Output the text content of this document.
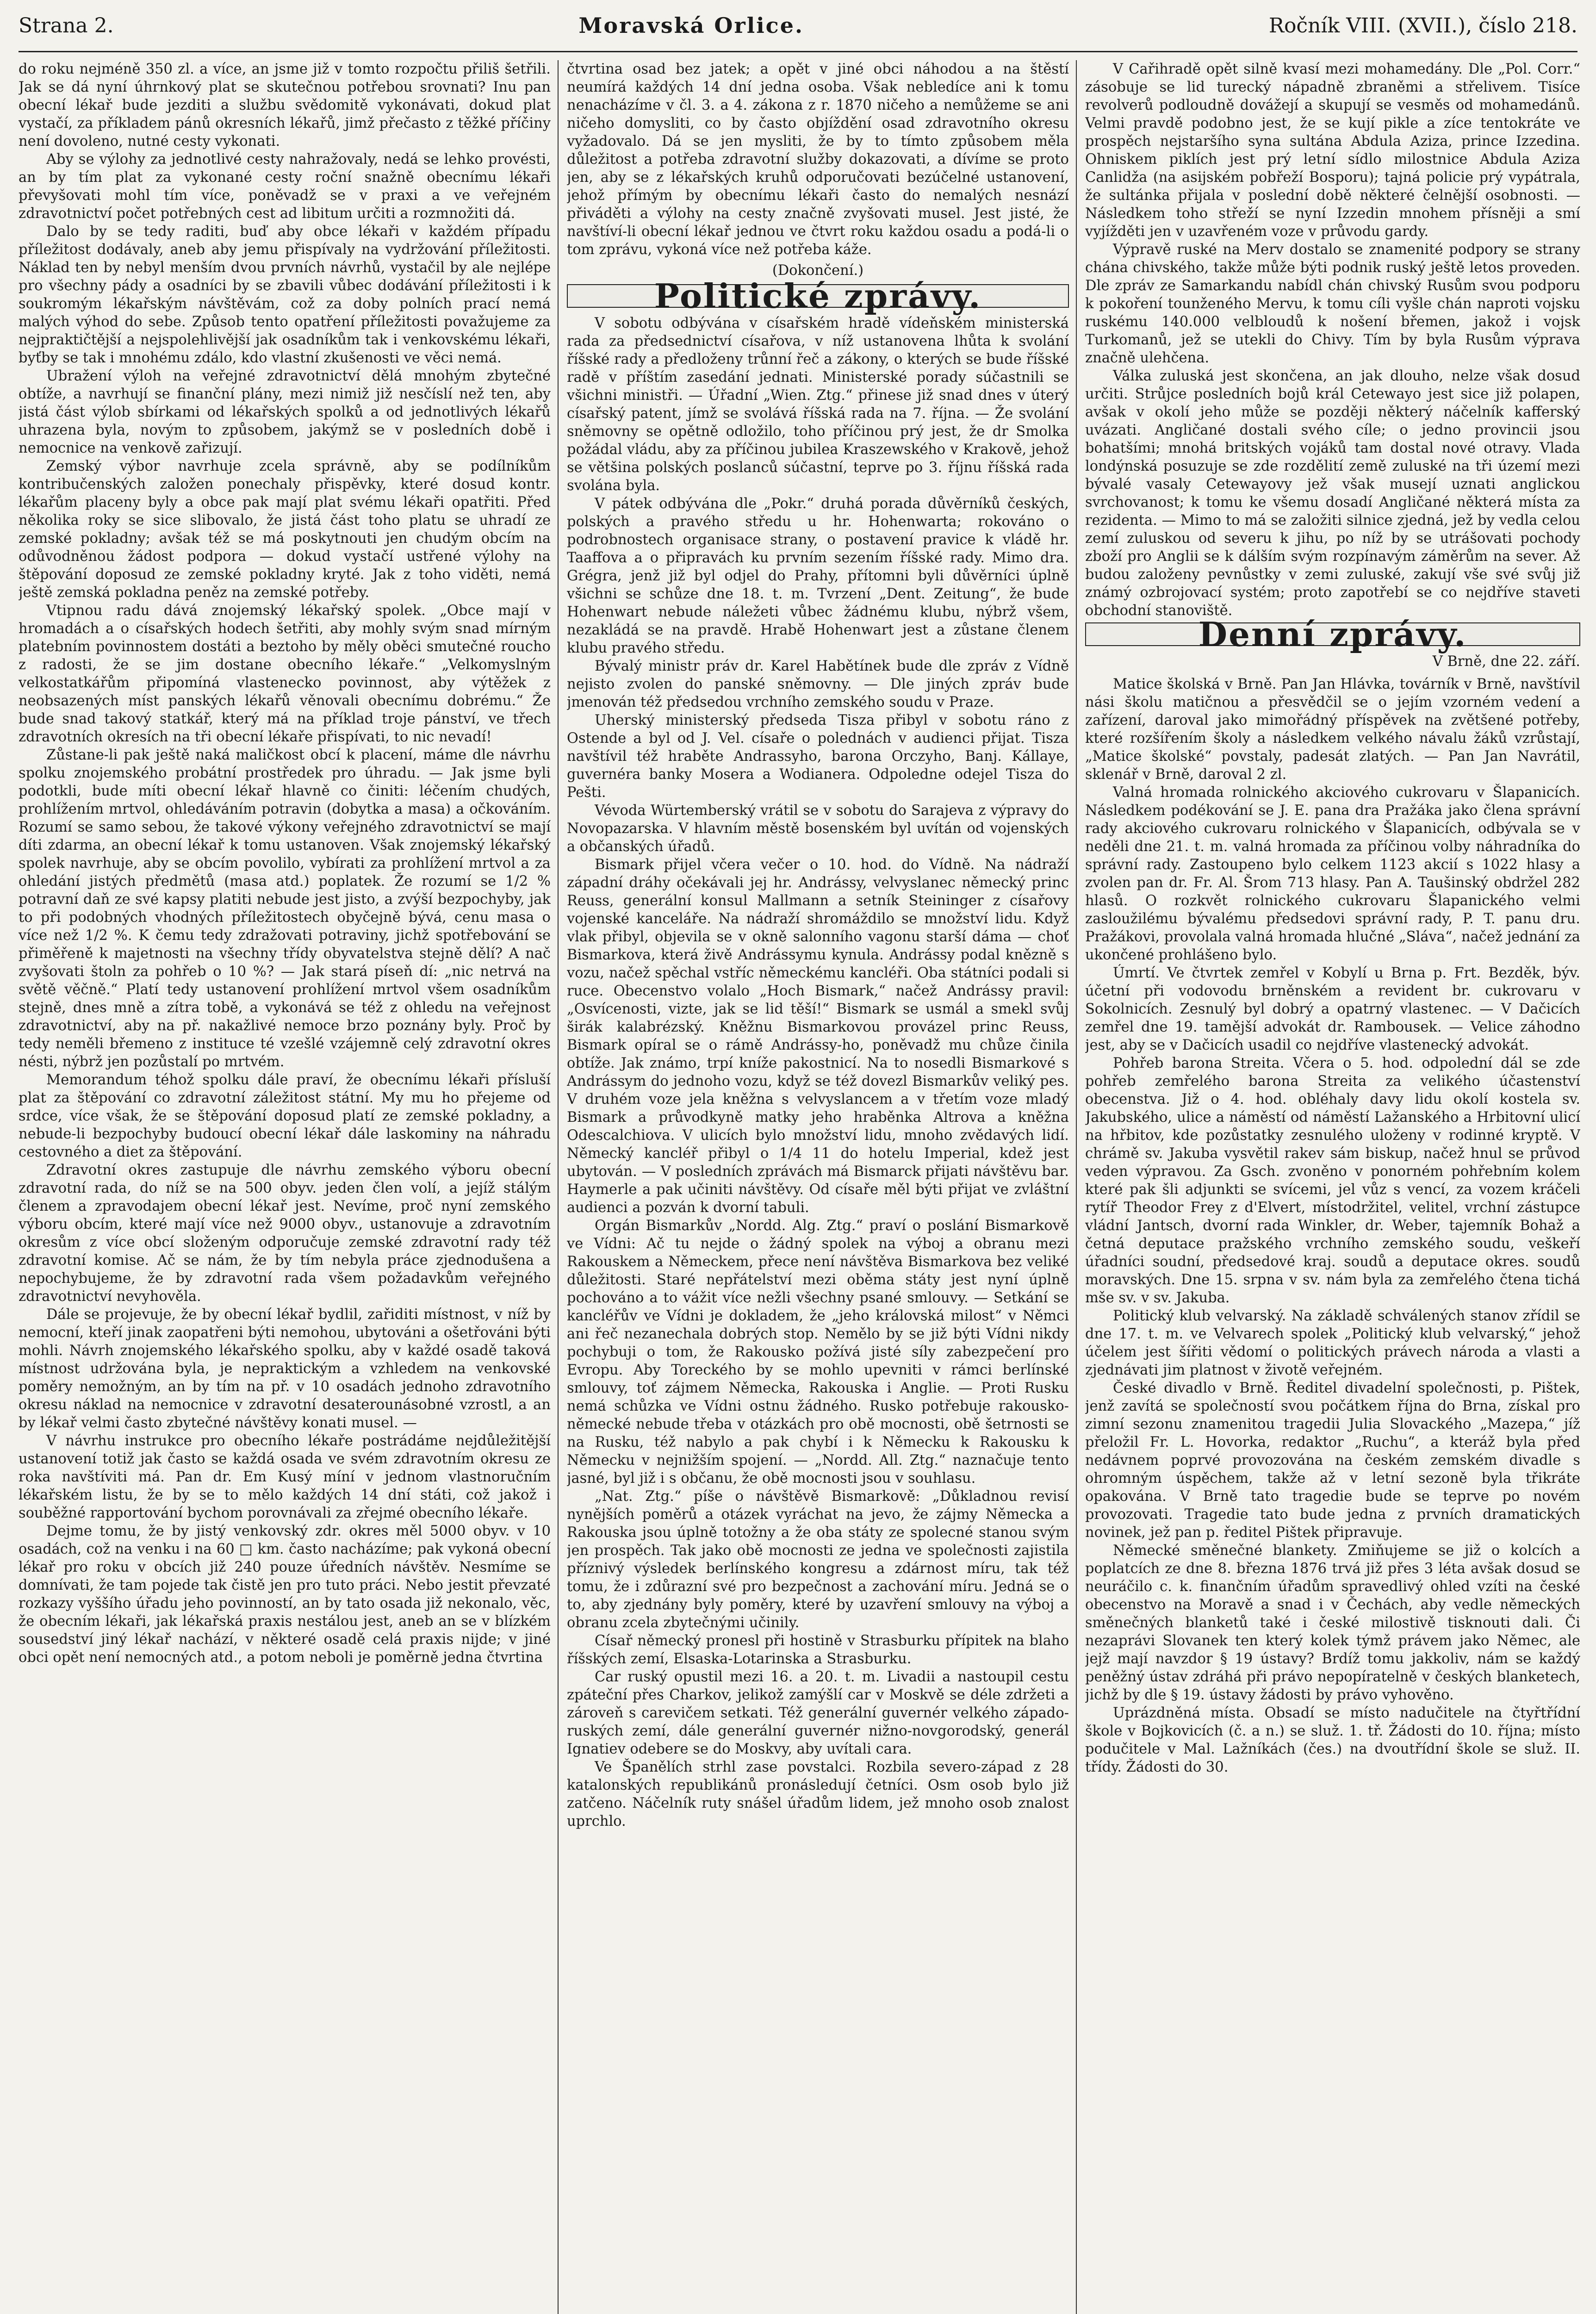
Strana 2.	Moravská Orlice.	Ročník VIII. (XVII.), číslo 218.

do roku nejméně 350 zl. a více, an jsme již v tomto rozpočtu přiliš šetřili. Jak se dá nyní úhrnkový plat se skutečnou potřebou srovnati? Inu pan obecní lékař bude jezditi a službu svědomitě vykonávati, dokud plat vystačí, za příkladem pánů okresních lékařů, jimž přečasto z těžké příčiny není dovoleno, nutné cesty vykonati.

Aby se výlohy za jednotlivé cesty nahražovaly, nedá se lehko provésti, an by tím plat za vykonané cesty roční snažně obecnímu lékaři převyšovati mohl tím více, poněvadž se v praxi a ve veřejném zdravotnictví počet potřebných cest ad libitum určiti a rozmnožiti dá.

Dalo by se tedy raditi, buď aby obce lékaři v každém případu příležitost dodávaly, aneb aby jemu přispívaly na vydržování příležitosti. Náklad ten by nebyl menším dvou prvních návrhů, vystačil by ale nejlépe pro všechny pády a osadníci by se zbavili vůbec dodávání příležitosti i k soukromým lékařským návštěvám, což za doby polních prací nemá malých výhod do sebe. Způsob tento opatření příležitosti považujeme za nejpraktičtější a nejspolehlivější jak osadníkům tak i venkovskému lékaři, byťby se tak i mnohému zdálo, kdo vlastní zkušenosti ve věci nemá.

Ubražení výloh na veřejné zdravotnictví dělá mnohým zbytečné obtíže, a navrhují se finanční plány, mezi nimiž již nesčíslí než ten, aby jistá část výlob sbírkami od lékařských spolků a od jednotlivých lékařů uhrazena byla, novým to způsobem, jakýmž se v posledních době i nemocnice na venkově zařizují.

Zemský výbor navrhuje zcela správně, aby se podílníkům kontribučenských založen ponechaly přispěvky, které dosud kontr. lékařům placeny byly a obce pak mají plat svému lékaři opatřiti. Před několika roky se sice slibovalo, že jistá část toho platu se uhradí ze zemské pokladny; avšak též se má poskytnouti jen chudým obcím na odůvodněnou žádost podpora — dokud vystačí ustřené výlohy na štěpování doposud ze zemské pokladny kryté. Jak z toho viděti, nemá ještě zemská pokladna peněz na zemské potřeby.

Vtipnou radu dává znojemský lékařský spolek. „Obce mají v hromadách a o císařských hodech šetřiti, aby mohly svým snad mírným platebním povinnostem dostáti a beztoho by měly oběci smutečné roucho z radosti, že se jim dostane obecního lékaře.“ „Velkomyslným velkostatkářům připomíná vlastenecko povinnost, aby výtěžek z neobsazených míst panských lékařů věnovali obecnímu dobrému.“ Že bude snad takový statkář, který má na příklad troje pánství, ve třech zdravotních okresích na tři obecní lékaře přispívati, to nic nevadí!

Zůstane-li pak ještě naká maličkost obcí k placení, máme dle návrhu spolku znojemského probátní prostředek pro úhradu. — Jak jsme byli podotkli, bude míti obecní lékař hlavně co činiti: léčením chudých, prohlížením mrtvol, ohledáváním potravin (dobytka a masa) a očkováním. Rozumí se samo sebou, že takové výkony veřejného zdravotnictví se mají díti zdarma, an obecní lékař k tomu ustanoven. Však znojemský lékařský spolek navrhuje, aby se obcím povolilo, vybírati za prohlížení mrtvol a za ohledání jistých předmětů (masa atd.) poplatek. Že rozumí se 1/2 % potravní daň ze své kapsy platiti nebude jest jisto, a zvýší bezpochyby, jak to při podobných vhodných příležitostech obyčejně bývá, cenu masa o více než 1/2 %. K čemu tedy zdražovati potraviny, jichž spotřebování se přiměřeně k majetnosti na všechny třídy obyvatelstva stejně dělí? A nač zvyšovati štoln za pohřeb o 10 %? — Jak stará píseň dí: „nic netrvá na světě věčně.“ Platí tedy ustanovení prohlížení mrtvol všem osadníkům stejně, dnes mně a zítra tobě, a vykonává se též z ohledu na veřejnost zdravotnictví, aby na př. nakažlivé nemoce brzo poznány byly. Proč by tedy neměli břemeno z instituce té vzešlé vzájemně celý zdravotní okres nésti, nýbrž jen pozůstalí po mrtvém.

Memorandum téhož spolku dále praví, že obecnímu lékaři přísluší plat za štěpování co zdravotní záležitost státní. My mu ho přejeme od srdce, více však, že se štěpování doposud platí ze zemské pokladny, a nebude-li bezpochyby budoucí obecní lékař dále laskominy na náhradu cestovného a diet za štěpování.

Zdravotní okres zastupuje dle návrhu zemského výboru obecní zdravotní rada, do níž se na 500 obyv. jeden člen volí, a jejíž stálým členem a zpravodajem obecní lékař jest. Nevíme, proč nyní zemského výboru obcím, které mají více než 9000 obyv., ustanovuje a zdravotním okresům z více obcí složeným odporučuje zemské zdravotní rady též zdravotní komise. Ač se nám, že by tím nebyla práce zjednodušena a nepochybujeme, že by zdravotní rada všem požadavkům veřejného zdravotnictví nevyhověla.

Dále se projevuje, že by obecní lékař bydlil, zařiditi místnost, v níž by nemocní, kteří jinak zaopatřeni býti nemohou, ubytováni a ošetřováni býti mohli. Návrh znojemského lékařského spolku, aby v každé osadě taková místnost udržována byla, je nepraktickým a vzhledem na venkovské poměry nemožným, an by tím na př. v 10 osadách jednoho zdravotního okresu náklad na nemocnice v zdravotní desaterounásobné vzrostl, a an by lékař velmi často zbytečné návštěvy konati musel. —

V návrhu instrukce pro obecního lékaře postrádáme nejdůležitější ustanovení totiž jak často se každá osada ve svém zdravotním okresu ze roka navštíviti má. Pan dr. Em Kusý míní v jednom vlastnoručním lékařském listu, že by se to mělo každých 14 dní státi, což jakož i souběžné rapportování bychom porovnávali za zřejmé obecního lékaře.

Dejme tomu, že by jistý venkovský zdr. okres měl 5000 obyv. v 10 osadách, což na venku i na 60 □ km. často nacházíme; pak vykoná obecní lékař pro roku v obcích již 240 pouze úředních návštěv. Nesmíme se domnívati, že tam pojede tak čistě jen pro tuto práci. Nebo jestit převzaté rozkazy vyššího úřadu jeho povinností, an by tato osada již nekonalo, věc, že obecním lékaři, jak lékařská praxis nestálou jest, aneb an se v blízkém sousedství jiný lékař nachází, v některé osadě celá praxis nijde; v jiné obci opět není nemocných atd., a potom neboli je poměrně jedna čtvrtina

čtvrtina osad bez jatek; a opět v jiné obci náhodou a na štěstí neumírá každých 14 dní jedna osoba. Však nebledíce ani k tomu nenacházíme v čl. 3. a 4. zákona z r. 1870 ničeho a nemůžeme se ani ničeho domysliti, co by často objíždění osad zdravotního okresu vyžadovalo. Dá se jen mysliti, že by to tímto způsobem měla důležitost a potřeba zdravotní služby dokazovati, a dívíme se proto jen, aby se z lékařských kruhů odporučovati bezúčelné ustanovení, jehož přímým by obecnímu lékaři často do nemalých nesnází přiváděti a výlohy na cesty značně zvyšovati musel. Jest jisté, že navštíví-li obecní lékař jednou ve čtvrt roku každou osadu a podá-li o tom zprávu, vykoná více než potřeba káže.

(Dokončení.)
Politické zprávy.

V sobotu odbývána v císařském hradě vídeňském ministerská rada za předsednictví císařova, v níž ustanovena lhůta k svolání říšské rady a předloženy trůnní řeč a zákony, o kterých se bude říšské radě v příštím zasedání jednati. Ministerské porady súčastnili se všichni ministři. — Úřadní „Wien. Ztg.“ přinese již snad dnes v úterý císařský patent, jímž se svolává říšská rada na 7. října. — Že svolání sněmovny se opětně odložilo, toho příčinou prý jest, že dr Smolka požádal vládu, aby za příčinou jubilea Kraszewského v Krakově, jehož se většina polských poslanců súčastní, teprve po 3. říjnu říšská rada svolána byla.

V pátek odbývána dle „Pokr.“ druhá porada důvěrníků českých, polských a pravého středu u hr. Hohenwarta; rokováno o podrobnostech organisace strany, o postavení pravice k vládě hr. Taaffova a o připravách ku prvním sezením říšské rady. Mimo dra. Grégra, jenž již byl odjel do Prahy, přítomni byli důvěrníci úplně všichni se schůze dne 18. t. m. Tvrzení „Dent. Zeitung“, že bude Hohenwart nebude náležeti vůbec žádnému klubu, nýbrž všem, nezakládá se na pravdě. Hrabě Hohenwart jest a zůstane členem klubu pravého středu.

Bývalý ministr práv dr. Karel Habětínek bude dle zpráv z Vídně nejisto zvolen do panské sněmovny. — Dle jiných zpráv bude jmenován též předsedou vrchního zemského soudu v Praze.

Uherský ministerský předseda Tisza přibyl v sobotu ráno z Ostende a byl od J. Vel. císaře o polednách v audienci přijat. Tisza navštívil též hraběte Andrassyho, barona Orczyho, Banj. Kállaye, guvernéra banky Mosera a Wodianera. Odpoledne odejel Tisza do Pešti.

Vévoda Würtemberský vrátil se v sobotu do Sarajeva z výpravy do Novopazarska. V hlavním městě bosenském byl uvítán od vojenských a občanských úřadů.

Bismark přijel včera večer o 10. hod. do Vídně. Na nádraží západní dráhy očekávali jej hr. Andrássy, velvyslanec německý princ Reuss, generální konsul Mallmann a setník Steininger z císařovy vojenské kanceláře. Na nádraží shromáždilo se množství lidu. Když vlak přibyl, objevila se v okně salonního vagonu starší dáma — choť Bismarkova, která živě Andrássymu kynula. Andrássy podal knězně s vozu, načež spěchal vstříc německému kancléři. Oba státníci podali si ruce. Obecenstvo volalo „Hoch Bismark,“ načež Andrássy pravil: „Osvícenosti, vizte, jak se lid těší!“ Bismark se usmál a smekl svůj širák kalabrézský. Kněžnu Bismarkovou provázel princ Reuss, Bismark opíral se o rámě Andrássy-ho, poněvadž mu chůze činila obtíže. Jak známo, trpí kníže pakostnicí. Na to nosedli Bismarkové s Andrássym do jednoho vozu, když se též dovezl Bismarkův veliký pes. V druhém voze jela kněžna s velvyslancem a v třetím voze mladý Bismark a průvodkyně matky jeho hraběnka Altrova a kněžna Odescalchiova. V ulicích bylo množství lidu, mnoho zvědavých lidí. Německý kancléř přibyl o 1/4 11 do hotelu Imperial, kdež jest ubytován. — V posledních zprávách má Bismarck přijati návštěvu bar. Haymerle a pak učiniti návštěvy. Od císaře měl býti přijat ve zvláštní audienci a pozván k dvorní tabuli.

Orgán Bismarkův „Nordd. Alg. Ztg.“ praví o poslání Bismarkově ve Vídni: Ač tu nejde o žádný spolek na výboj a obranu mezi Rakouskem a Německem, přece není návštěva Bismarkova bez veliké důležitosti. Staré nepřátelství mezi oběma státy jest nyní úplně pochováno a to vážit více nežli všechny psané smlouvy. — Setkání se kancléřův ve Vídni je dokladem, že „jeho královská milost“ v Němci ani řeč nezanechala dobrých stop. Nemělo by se již býti Vídni nikdy pochybuji o tom, že Rakousko požívá jisté síly zabezpečení pro Evropu. Aby Toreckého by se mohlo upevniti v rámci berlínské smlouvy, toť zájmem Německa, Rakouska i Anglie. — Proti Rusku nemá schůzka ve Vídni ostnu žádného. Rusko potřebuje rakousko-německé nebude třeba v otázkách pro obě mocnosti, obě šetrnosti se na Rusku, též nabylo a pak chybí i k Německu k Rakousku k Německu v nejnižším spojení. — „Nordd. All. Ztg.“ naznačuje tento jasné, byl již i s občanu, že obě mocnosti jsou v souhlasu.

„Nat. Ztg.“ píše o návštěvě Bismarkově: „Důkladnou revisí nynějších poměrů a otázek vyráchat na jevo, že zájmy Německa a Rakouska jsou úplně totožny a že oba státy ze spolecné stanou svým jen prospěch. Tak jako obě mocnosti ze jedna ve společnosti zajistila příznivý výsledek berlínského kongresu a zdárnost míru, tak též tomu, že i zdůrazní své pro bezpečnost a zachování míru. Jedná se o to, aby zjednány byly poměry, které by uzavření smlouvy na výboj a obranu zcela zbytečnými učinily.

Císař německý pronesl při hostině v Strasburku přípitek na blaho říšských zemí, Elsaska-Lotarinska a Strasburku.

Car ruský opustil mezi 16. a 20. t. m. Livadii a nastoupil cestu zpáteční přes Charkov, jelikož zamýšlí car v Moskvě se déle zdržeti a zároveň s carevičem setkati. Též generální guvernér velkého západo-ruských zemí, dále generální guvernér nižno-novgorodský, generál Ignatiev odebere se do Moskvy, aby uvítali cara.

Ve Španělích strhl zase povstalci. Rozbila severo-západ z 28 katalonských republikánů pronásledují četníci. Osm osob bylo již zatčeno. Náčelník ruty snášel úřadům lidem, jež mnoho osob znalost uprchlo.

V Cařihradě opět silně kvasí mezi mohamedány. Dle „Pol. Corr.“ zásobuje se lid turecký nápadně zbraněmi a střelivem. Tisíce revolverů podloudně dovážejí a skupují se vesměs od mohamedánů. Velmi pravdě podobno jest, že se kují pikle a zíce tentokráte ve prospěch nejstaršího syna sultána Abdula Aziza, prince Izzedina. Ohniskem piklích jest prý letní sídlo milostnice Abdula Aziza Canlidža (na asijském pobřeží Bosporu); tajná policie prý vypátrala, že sultánka přijala v poslední době některé čelnější osobnosti. — Následkem toho střeží se nyní Izzedin mnohem přísněji a smí vyjížděti jen v uzavřeném voze v průvodu gardy.

Výpravě ruské na Merv dostalo se znamenité podpory se strany chána chivského, takže může býti podnik ruský ještě letos proveden. Dle zpráv ze Samarkandu nabídl chán chivský Rusům svou podporu k pokoření tounženého Mervu, k tomu cíli vyšle chán naproti vojsku ruskému 140.000 velbloudů k nošení břemen, jakož i vojsk Turkomanů, jež se utekli do Chivy. Tím by byla Rusům výprava značně ulehčena.

Válka zuluská jest skončena, an jak dlouho, nelze však dosud určiti. Strůjce posledních bojů král Cetewayo jest sice již polapen, avšak v okolí jeho může se později některý náčelník kafferský uvázati. Angličané dostali svého cíle; o jedno provincii jsou bohatšími; mnohá britských vojáků tam dostal nové otravy. Vlada londýnská posuzuje se zde rozdělití země zuluské na tři území mezi bývalé vasaly Cetewayovy jež však musejí uznati anglickou svrchovanost; k tomu ke všemu dosadí Angličané některá místa za rezidenta. — Mimo to má se založiti silnice zjedná, jež by vedla celou zemí zuluskou od severu k jihu, po níž by se utrášovati pochody zboží pro Anglii se k dálším svým rozpínavým záměrům na sever. Až budou založeny pevnůstky v zemi zuluské, zakují vše své svůj již známý ozbrojovací systém; proto zapotřebí se co nejdříve staveti obchodní stanoviště.

Denní zprávy.
V Brně, dne 22. září.

Matice školská v Brně. Pan Jan Hlávka, továrník v Brně, navštívil nási školu matičnou a přesvědčil se o jejím vzorném vedení a zařízení, daroval jako mimořádný příspěvek na zvětšené potřeby, které rozšířením školy a následkem velkého návalu žáků vzrůstají, „Matice školské“ povstaly, padesát zlatých. — Pan Jan Navrátil, sklenář v Brně, daroval 2 zl.

Valná hromada rolnického akciového cukrovaru v Šlapanicích. Následkem podékování se J. E. pana dra Pražáka jako člena správní rady akciového cukrovaru rolnického v Šlapanicích, odbývala se v neděli dne 21. t. m. valná hromada za příčinou volby náhradníka do správní rady. Zastoupeno bylo celkem 1123 akcií s 1022 hlasy a zvolen pan dr. Fr. Al. Šrom 713 hlasy. Pan A. Taušinský obdržel 282 hlasů. O rozkvět rolnického cukrovaru Šlapanického velmi zasloužilému bývalému předsedovi správní rady, P. T. panu dru. Pražákovi, provolala valná hromada hlučné „Sláva“, načež jednání za ukončené prohlášeno bylo.

Úmrtí. Ve čtvrtek zemřel v Kobylí u Brna p. Frt. Bezděk, býv. účetní při vodovodu brněnském a revident br. cukrovaru v Sokolnicích. Zesnulý byl dobrý a opatrný vlastenec. — V Dačicích zemřel dne 19. tamější advokát dr. Rambousek. — Velice záhodno jest, aby se v Dačicích usadil co nejdříve vlastenecký advokát.

Pohřeb barona Streita. Včera o 5. hod. odpolední dál se zde pohřeb zemřelého barona Streita za velikého účastenství obecenstva. Již o 4. hod. obléhaly davy lidu okolí kostela sv. Jakubského, ulice a náměstí od náměstí Lažanského a Hrbitovní ulicí na hřbitov, kde pozůstatky zesnulého uloženy v rodinné kryptě. V chrámě sv. Jakuba vysvětil rakev sám biskup, načež hnul se průvod veden výpravou. Za Gsch. zvoněno v ponorném pohřebním kolem které pak šli adjunkti se svícemi, jel vůz s vencí, za vozem kráčeli rytíř Theodor Frey z d'Elvert, místodržitel, velitel, vrchní zástupce vládní Jantsch, dvorní rada Winkler, dr. Weber, tajemník Bohaž a četná deputace pražského vrchního zemského soudu, veškeří úřadníci soudní, předsedové kraj. soudů a deputace okres. soudů moravských. Dne 15. srpna v sv. nám byla za zemřelého čtena tichá mše sv. v sv. Jakuba.

Politický klub velvarský. Na základě schválených stanov zřídil se dne 17. t. m. ve Velvarech spolek „Politický klub velvarský,“ jehož účelem jest šířiti vědomí o politických právech národa a vlasti a zjednávati jim platnost v životě veřejném.

České divadlo v Brně. Ředitel divadelní společnosti, p. Pištek, jenž zavítá se společností svou počátkem října do Brna, získal pro zimní sezonu znamenitou tragedii Julia Slovackého „Mazepa,“ jíž přeložil Fr. L. Hovorka, redaktor „Ruchu“, a kteráž byla před nedávnem poprvé provozována na českém zemském divadle s ohromným úspěchem, takže až v letní sezoně byla třikráte opakována. V Brně tato tragedie bude se teprve po novém provozovati. Tragedie tato bude jedna z prvních dramatických novinek, jež pan p. ředitel Pištek připravuje.

Německé směnečné blankety. Zmiňujeme se již o kolcích a poplatcích ze dne 8. března 1876 trvá již přes 3 léta avšak dosud se neuráčilo c. k. finančním úřadům spravedlivý ohled vzíti na české obecenstvo na Moravě a snad i v Čechách, aby vedle německých směnečných blanketů také i české milostivě tisknouti dali. Či nezaprávi Slovanek ten který kolek týmž právem jako Němec, ale jejž mají navzdor § 19 ústavy? Brdíž tomu jakkoliv, nám se každý peněžný ústav zdráhá při právo nepopíratelně v českých blanketech, jichž by dle § 19. ústavy žádosti by právo vyhověno.

Uprázdněná místa. Obsadí se místo nadučitele na čtyřtřídní škole v Bojkovicích (č. a n.) se služ. 1. tř. Žádosti do 10. října; místo podučitele v Mal. Lažníkách (čes.) na dvoutřídní škole se služ. II. třídy. Žádosti do 30.
